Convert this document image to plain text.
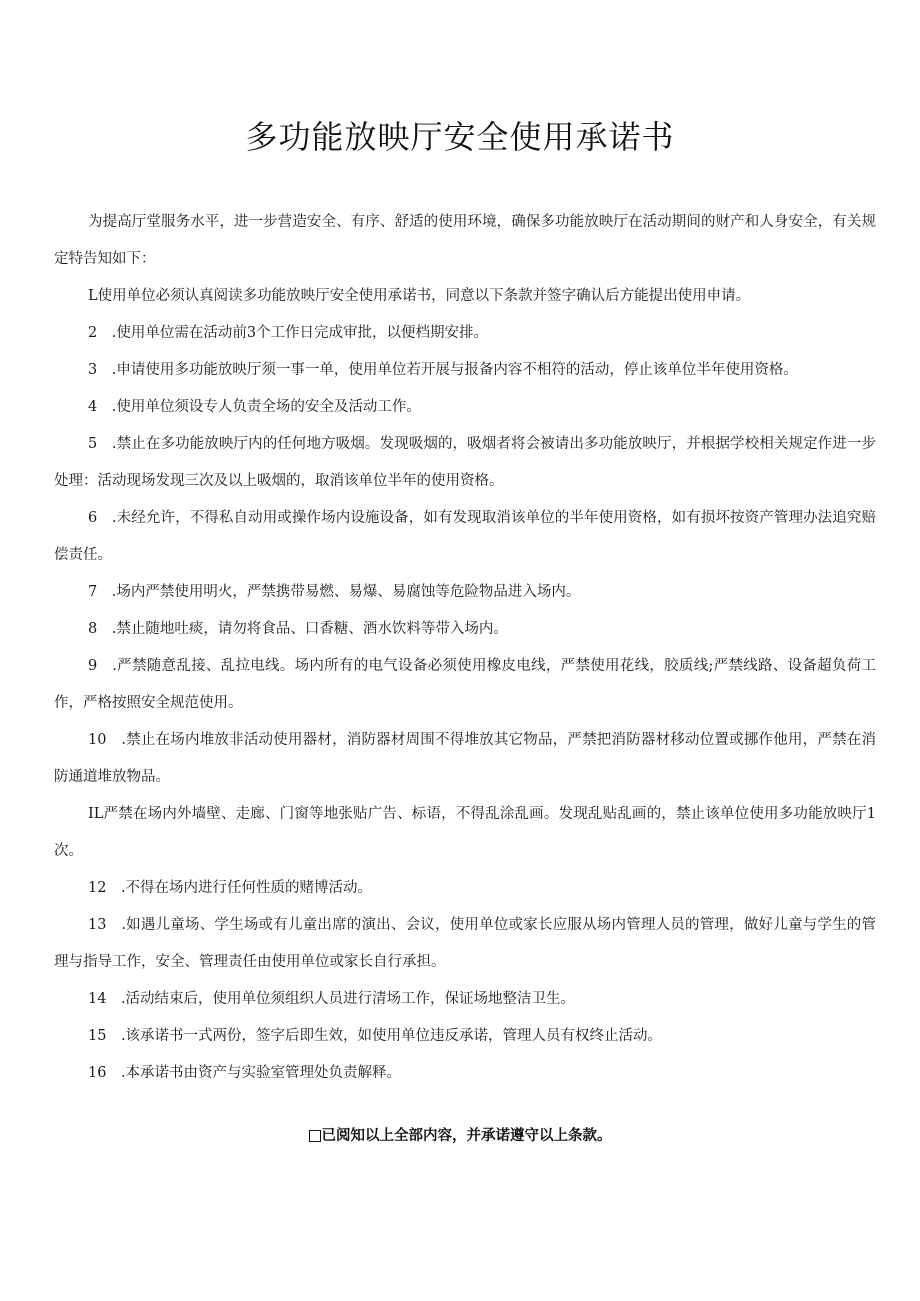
多功能放映厅安全使用承诺书

为提高厅堂服务水平，进一步营造安全、有序、舒适的使用环境，确保多功能放映厅在活动期间的财产和人身安全，有关规定特告知如下：

L使用单位必须认真阅读多功能放映厅安全使用承诺书，同意以下条款并签字确认后方能提出使用申请。

2　.使用单位需在活动前3个工作日完成审批，以便档期安排。

3　.申请使用多功能放映厅须一事一单，使用单位若开展与报备内容不相符的活动，停止该单位半年使用资格。

4　.使用单位须设专人负责全场的安全及活动工作。

5　.禁止在多功能放映厅内的任何地方吸烟。发现吸烟的，吸烟者将会被请出多功能放映厅，并根据学校相关规定作进一步处理：活动现场发现三次及以上吸烟的，取消该单位半年的使用资格。

6　.未经允许，不得私自动用或操作场内设施设备，如有发现取消该单位的半年使用资格，如有损坏按资产管理办法追究赔偿责任。

7　.场内严禁使用明火，严禁携带易燃、易爆、易腐蚀等危险物品进入场内。

8　.禁止随地吐痰，请勿将食品、口香糖、酒水饮料等带入场内。

9　.严禁随意乱接、乱拉电线。场内所有的电气设备必须使用橡皮电线，严禁使用花线，胶质线;严禁线路、设备超负荷工作，严格按照安全规范使用。

10　.禁止在场内堆放非活动使用器材，消防器材周围不得堆放其它物品，严禁把消防器材移动位置或挪作他用，严禁在消防通道堆放物品。

IL严禁在场内外墙壁、走廊、门窗等地张贴广告、标语，不得乱涂乱画。发现乱贴乱画的，禁止该单位使用多功能放映厅1次。

12　.不得在场内进行任何性质的赌博活动。

13　.如遇儿童场、学生场或有儿童出席的演出、会议，使用单位或家长应服从场内管理人员的管理，做好儿童与学生的管理与指导工作，安全、管理责任由使用单位或家长自行承担。

14　.活动结束后，使用单位须组织人员进行清场工作，保证场地整洁卫生。

15　.该承诺书一式两份，签字后即生效，如使用单位违反承诺，管理人员有权终止活动。

16　.本承诺书由资产与实验室管理处负责解释。

已阅知以上全部内容，并承诺遵守以上条款。
